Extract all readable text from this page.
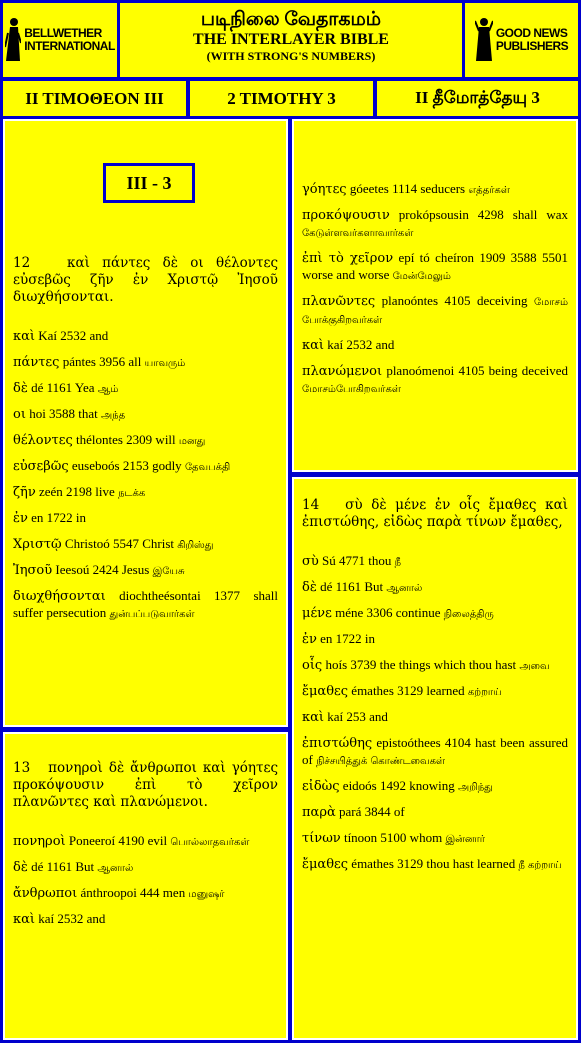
BELLWETHER
INTERNATIONAL
படிநிலை வேதாகமம்
THE INTERLAYER BIBLE
(WITH STRONG'S NUMBERS)
GOOD NEWS
PUBLISHERS
II TIMOΘEON III	2 TIMOTHY 3	II தீமோத்தேயு 3
III - 3
12	καὶ πάντες δὲ οι θέλοντες εὐσεβῶς ζῆν ἐν Χριστῷ Ἰησοῦ διωχθήσονται.
καὶ Kaí 2532 and
πάντες pántes 3956 all யாவரும்
δὲ dé 1161 Yea ஆம்
οι hoi 3588 that அந்த
θέλοντες thélontes 2309 will மனது
εὐσεβῶς euseboós 2153 godly தேவபக்தி
ζῆν zeén 2198 live நடக்க
ἐν en 1722 in
Χριστῷ Christoó 5547 Christ கிறிஸ்து
Ἰησοῦ Ieesoú 2424 Jesus இயேசு
διωχθήσονται diochtheésontai 1377 shall suffer persecution துன்பப்படுவார்கள்
13 πονηροὶ δὲ ἄνθρωποι καὶ γόητες προκόψουσιν ἐπὶ τὸ χεῖρον πλανῶντες καὶ πλανώμενοι.
πονηροὶ Poneeroí 4190 evil பொல்லாதவர்கள்
δὲ dé 1161 But ஆனால்
ἄνθρωποι ánthroopoi 444 men மனுஷர்
καὶ kaí 2532 and
γόητες góeetes 1114 seducers எத்தர்கள்
προκόψουσιν prokópsousin 4298 shall wax கேடுள்ளவர்களாவார்கள்
ἐπὶ τὸ χεῖρον epí tó cheíron 1909 3588 5501 worse and worse மேன்மேலும்
πλανῶντες planoóntes 4105 deceiving மோசம் போக்குகிறவர்கள்
καὶ kaí 2532 and
πλανώμενοι planoómenoi 4105 being deceived மோசம்போகிறவர்கள்
14 σὺ δὲ μένε ἐν οἷς ἔμαθες καὶ ἐπιστώθης, εἰδὼς παρὰ τίνων ἔμαθες,
σὺ Sú 4771 thou நீ
δὲ dé 1161 But ஆனால்
μένε méne 3306 continue நிலைத்திரு
ἐν en 1722 in
οἷς hoís 3739 the things which thou hast அவை
ἔμαθες émathes 3129 learned கற்றாய்
καὶ kaí 253 and
ἐπιστώθης epistoóthees 4104 hast been assured of நிச்சயித்துக் கொண்டவைகள்
εἰδὼς eidoós 1492 knowing அறிந்து
παρὰ pará 3844 of
τίνων tínoon 5100 whom இன்னார்
ἔμαθες émathes 3129 thou hast learned நீ கற்றாய்
